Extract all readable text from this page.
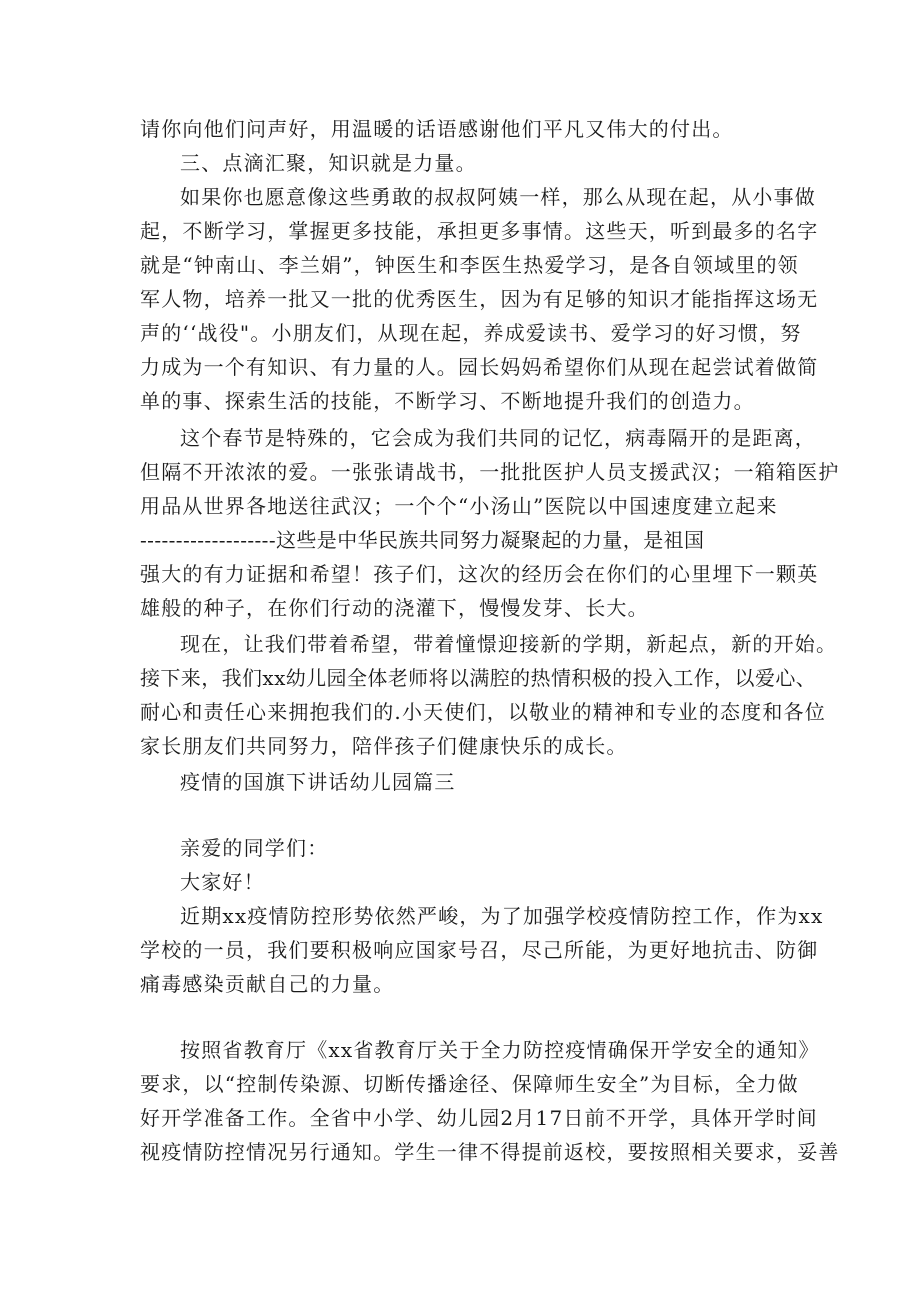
请你向他们问声好，用温暖的话语感谢他们平凡又伟大的付出。
三、点滴汇聚，知识就是力量。
如果你也愿意像这些勇敢的叔叔阿姨一样，那么从现在起，从小事做
起，不断学习，掌握更多技能，承担更多事情。这些天，听到最多的名字
就是“钟南山、李兰娟”，钟医生和李医生热爱学习，是各自领域里的领
军人物，培养一批又一批的优秀医生，因为有足够的知识才能指挥这场无
声的‘‘战役"。小朋友们，从现在起，养成爱读书、爱学习的好习惯，努
力成为一个有知识、有力量的人。园长妈妈希望你们从现在起尝试着做简
单的事、探索生活的技能，不断学习、不断地提升我们的创造力。
这个春节是特殊的，它会成为我们共同的记忆，病毒隔开的是距离，
但隔不开浓浓的爱。一张张请战书，一批批医护人员支援武汉；一箱箱医护
用品从世界各地送往武汉；一个个“小汤山”医院以中国速度建立起来
-------------------这些是中华民族共同努力凝聚起的力量，是祖国
强大的有力证据和希望！孩子们，这次的经历会在你们的心里埋下一颗英
雄般的种子，在你们行动的浇灌下，慢慢发芽、长大。
现在，让我们带着希望，带着憧憬迎接新的学期，新起点，新的开始。
接下来，我们xx幼儿园全体老师将以满腔的热情积极的投入工作，以爱心、
耐心和责任心来拥抱我们的.小天使们，以敬业的精神和专业的态度和各位
家长朋友们共同努力，陪伴孩子们健康快乐的成长。
疫情的国旗下讲话幼儿园篇三
亲爱的同学们：
大家好！
近期xx疫情防控形势依然严峻，为了加强学校疫情防控工作，作为xx
学校的一员，我们要积极响应国家号召，尽己所能，为更好地抗击、防御
痛毒感染贡献自己的力量。
按照省教育厅《xx省教育厅关于全力防控疫情确保开学安全的通知》
要求，以“控制传染源、切断传播途径、保障师生安全”为目标，全力做
好开学准备工作。全省中小学、幼儿园2月17日前不开学，具体开学时间
视疫情防控情况另行通知。学生一律不得提前返校，要按照相关要求，妥善
